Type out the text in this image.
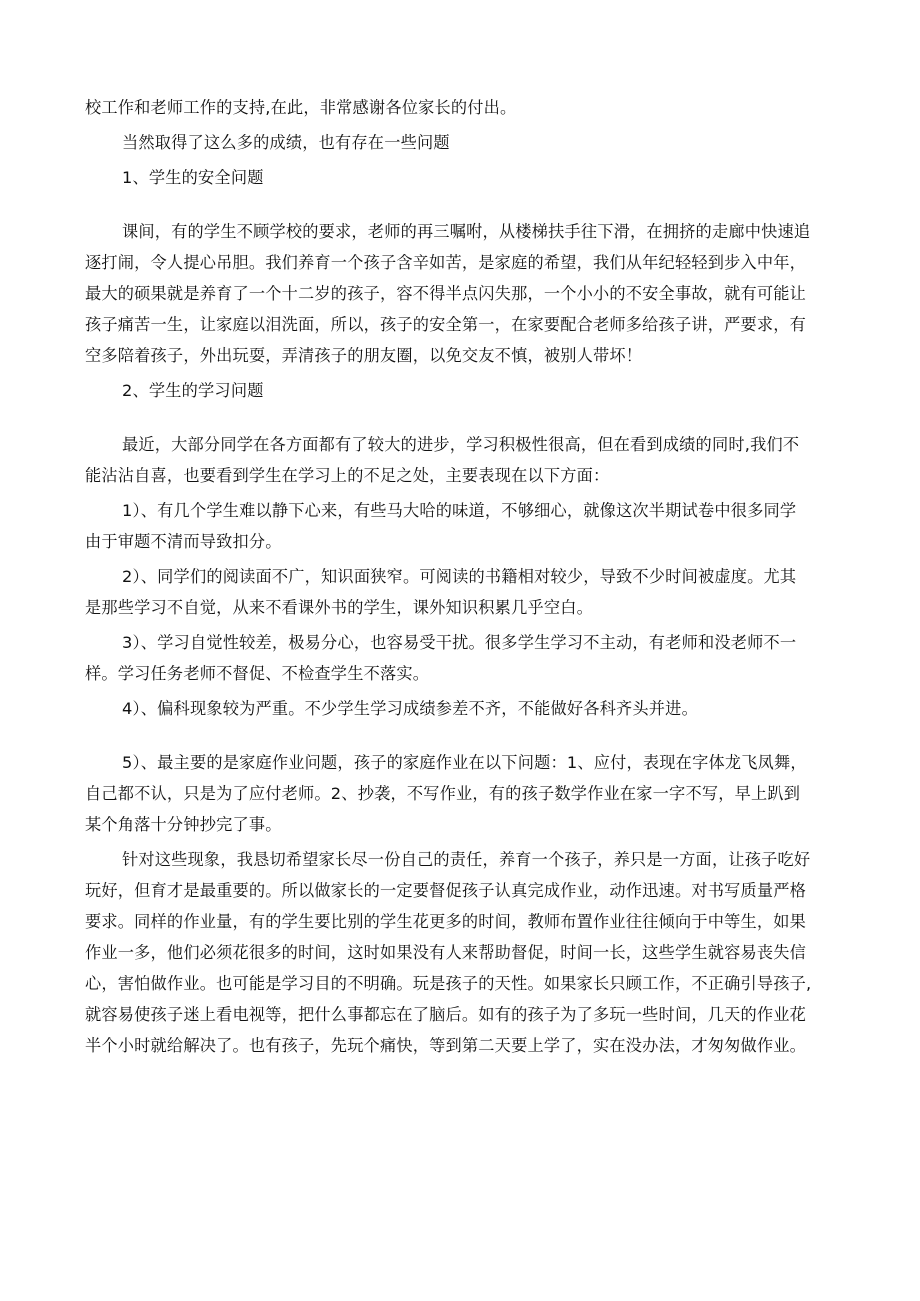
校工作和老师工作的支持,在此，非常感谢各位家长的付出。
当然取得了这么多的成绩，也有存在一些问题
1、学生的安全问题
课间，有的学生不顾学校的要求，老师的再三嘱咐，从楼梯扶手往下滑，在拥挤的走廊中快速追
逐打闹，令人提心吊胆。我们养育一个孩子含辛如苦，是家庭的希望，我们从年纪轻轻到步入中年，
最大的硕果就是养育了一个十二岁的孩子，容不得半点闪失那，一个小小的不安全事故，就有可能让
孩子痛苦一生，让家庭以泪洗面，所以，孩子的安全第一，在家要配合老师多给孩子讲，严要求，有
空多陪着孩子，外出玩耍，弄清孩子的朋友圈，以免交友不慎，被别人带坏！
2、学生的学习问题
最近，大部分同学在各方面都有了较大的进步，学习积极性很高，但在看到成绩的同时,我们不
能沾沾自喜，也要看到学生在学习上的不足之处，主要表现在以下方面：
1）、有几个学生难以静下心来，有些马大哈的味道，不够细心，就像这次半期试卷中很多同学
由于审题不清而导致扣分。
2）、同学们的阅读面不广，知识面狭窄。可阅读的书籍相对较少，导致不少时间被虚度。尤其
是那些学习不自觉，从来不看课外书的学生，课外知识积累几乎空白。
3）、学习自觉性较差，极易分心，也容易受干扰。很多学生学习不主动，有老师和没老师不一
样。学习任务老师不督促、不检查学生不落实。
4）、偏科现象较为严重。不少学生学习成绩参差不齐，不能做好各科齐头并进。
5）、最主要的是家庭作业问题，孩子的家庭作业在以下问题：1、应付，表现在字体龙飞凤舞，
自己都不认，只是为了应付老师。2、抄袭，不写作业，有的孩子数学作业在家一字不写，早上趴到
某个角落十分钟抄完了事。
针对这些现象，我恳切希望家长尽一份自己的责任，养育一个孩子，养只是一方面，让孩子吃好
玩好，但育才是最重要的。所以做家长的一定要督促孩子认真完成作业，动作迅速。对书写质量严格
要求。同样的作业量，有的学生要比别的学生花更多的时间，教师布置作业往往倾向于中等生，如果
作业一多，他们必须花很多的时间，这时如果没有人来帮助督促，时间一长，这些学生就容易丧失信
心，害怕做作业。也可能是学习目的不明确。玩是孩子的天性。如果家长只顾工作，不正确引导孩子,
就容易使孩子迷上看电视等，把什么事都忘在了脑后。如有的孩子为了多玩一些时间，几天的作业花
半个小时就给解决了。也有孩子，先玩个痛快，等到第二天要上学了，实在没办法，才匆匆做作业。
